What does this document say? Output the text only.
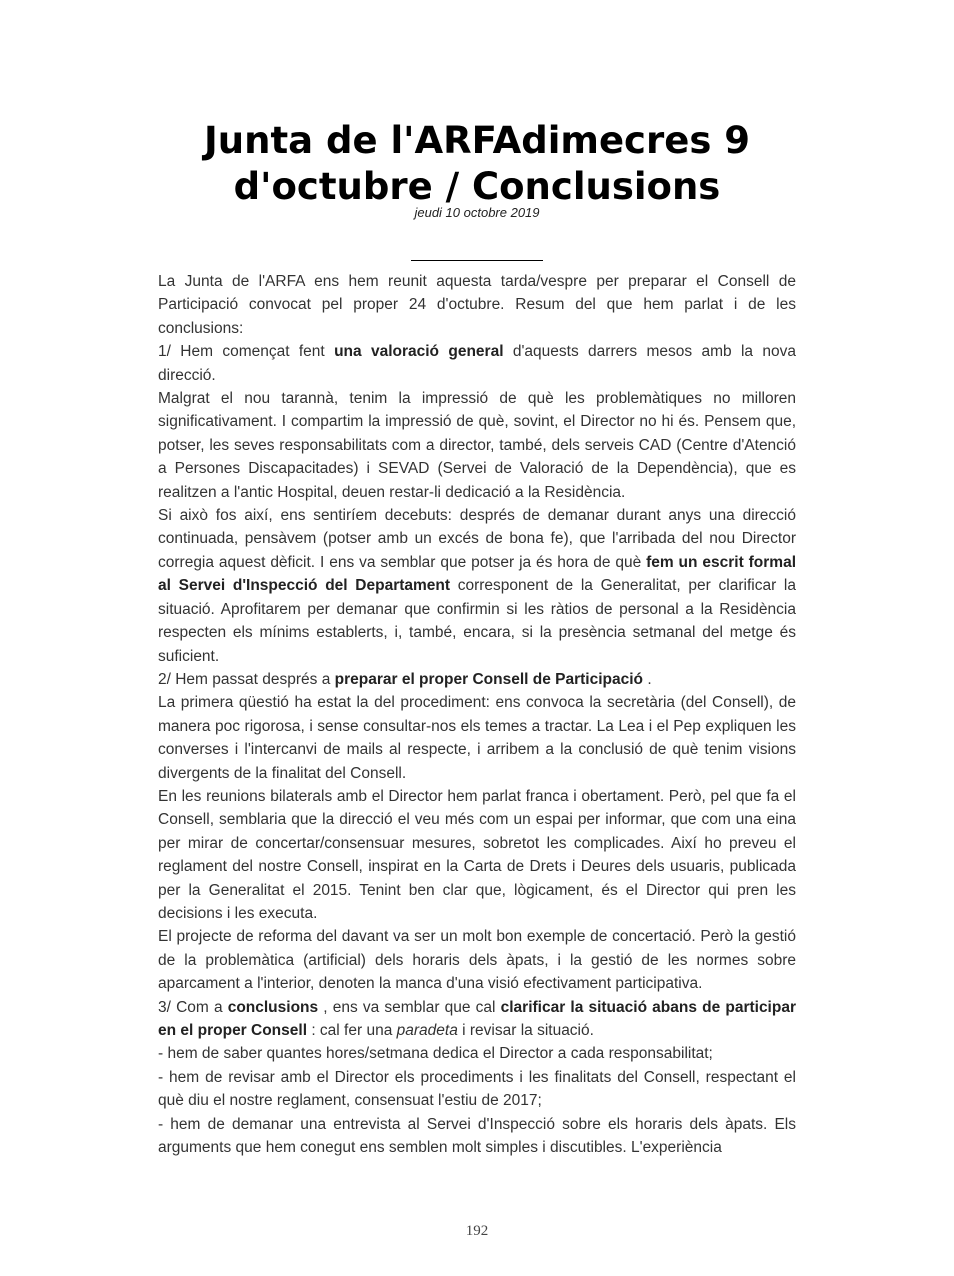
Junta de l'ARFAdimecres 9 d'octubre / Conclusions
jeudi 10 octobre 2019

La Junta de l'ARFA ens hem reunit aquesta tarda/vespre per preparar el Consell de Participació convocat pel proper 24 d'octubre. Resum del que hem parlat i de les conclusions:

1/ Hem començat fent una valoració general d'aquests darrers mesos amb la nova direcció.

Malgrat el nou tarannà, tenim la impressió de què les problemàtiques no milloren significativament. I compartim la impressió de què, sovint, el Director no hi és. Pensem que, potser, les seves responsabilitats com a director, també, dels serveis CAD (Centre d'Atenció a Persones Discapacitades) i SEVAD (Servei de Valoració de la Dependència), que es realitzen a l'antic Hospital, deuen restar-li dedicació a la Residència.

Si això fos així, ens sentiríem decebuts: després de demanar durant anys una direcció continuada, pensàvem (potser amb un excés de bona fe), que l'arribada del nou Director corregia aquest dèficit. I ens va semblar que potser ja és hora de què fem un escrit formal al Servei d'Inspecció del Departament corresponent de la Generalitat, per clarificar la situació. Aprofitarem per demanar que confirmin si les ràtios de personal a la Residència respecten els mínims establerts, i, també, encara, si la presència setmanal del metge és suficient.

2/ Hem passat després a preparar el proper Consell de Participació .

La primera qüestió ha estat la del procediment: ens convoca la secretària (del Consell), de manera poc rigorosa, i sense consultar-nos els temes a tractar. La Lea i el Pep expliquen les converses i l'intercanvi de mails al respecte, i arribem a la conclusió de què tenim visions divergents de la finalitat del Consell.

En les reunions bilaterals amb el Director hem parlat franca i obertament. Però, pel que fa el Consell, semblaria que la direcció el veu més com un espai per informar, que com una eina per mirar de concertar/consensuar mesures, sobretot les complicades. Així ho preveu el reglament del nostre Consell, inspirat en la Carta de Drets i Deures dels usuaris, publicada per la Generalitat el 2015. Tenint ben clar que, lògicament, és el Director qui pren les decisions i les executa.

El projecte de reforma del davant va ser un molt bon exemple de concertació. Però la gestió de la problemàtica (artificial) dels horaris dels àpats, i la gestió de les normes sobre aparcament a l'interior, denoten la manca d'una visió efectivament participativa.

3/ Com a conclusions , ens va semblar que cal clarificar la situació abans de participar en el proper Consell : cal fer una paradeta i revisar la situació.

- hem de saber quantes hores/setmana dedica el Director a cada responsabilitat;

- hem de revisar amb el Director els procediments i les finalitats del Consell, respectant el què diu el nostre reglament, consensuat l'estiu de 2017;

- hem de demanar una entrevista al Servei d'Inspecció sobre els horaris dels àpats. Els arguments que hem conegut ens semblen molt simples i discutibles. L'experiència

192
